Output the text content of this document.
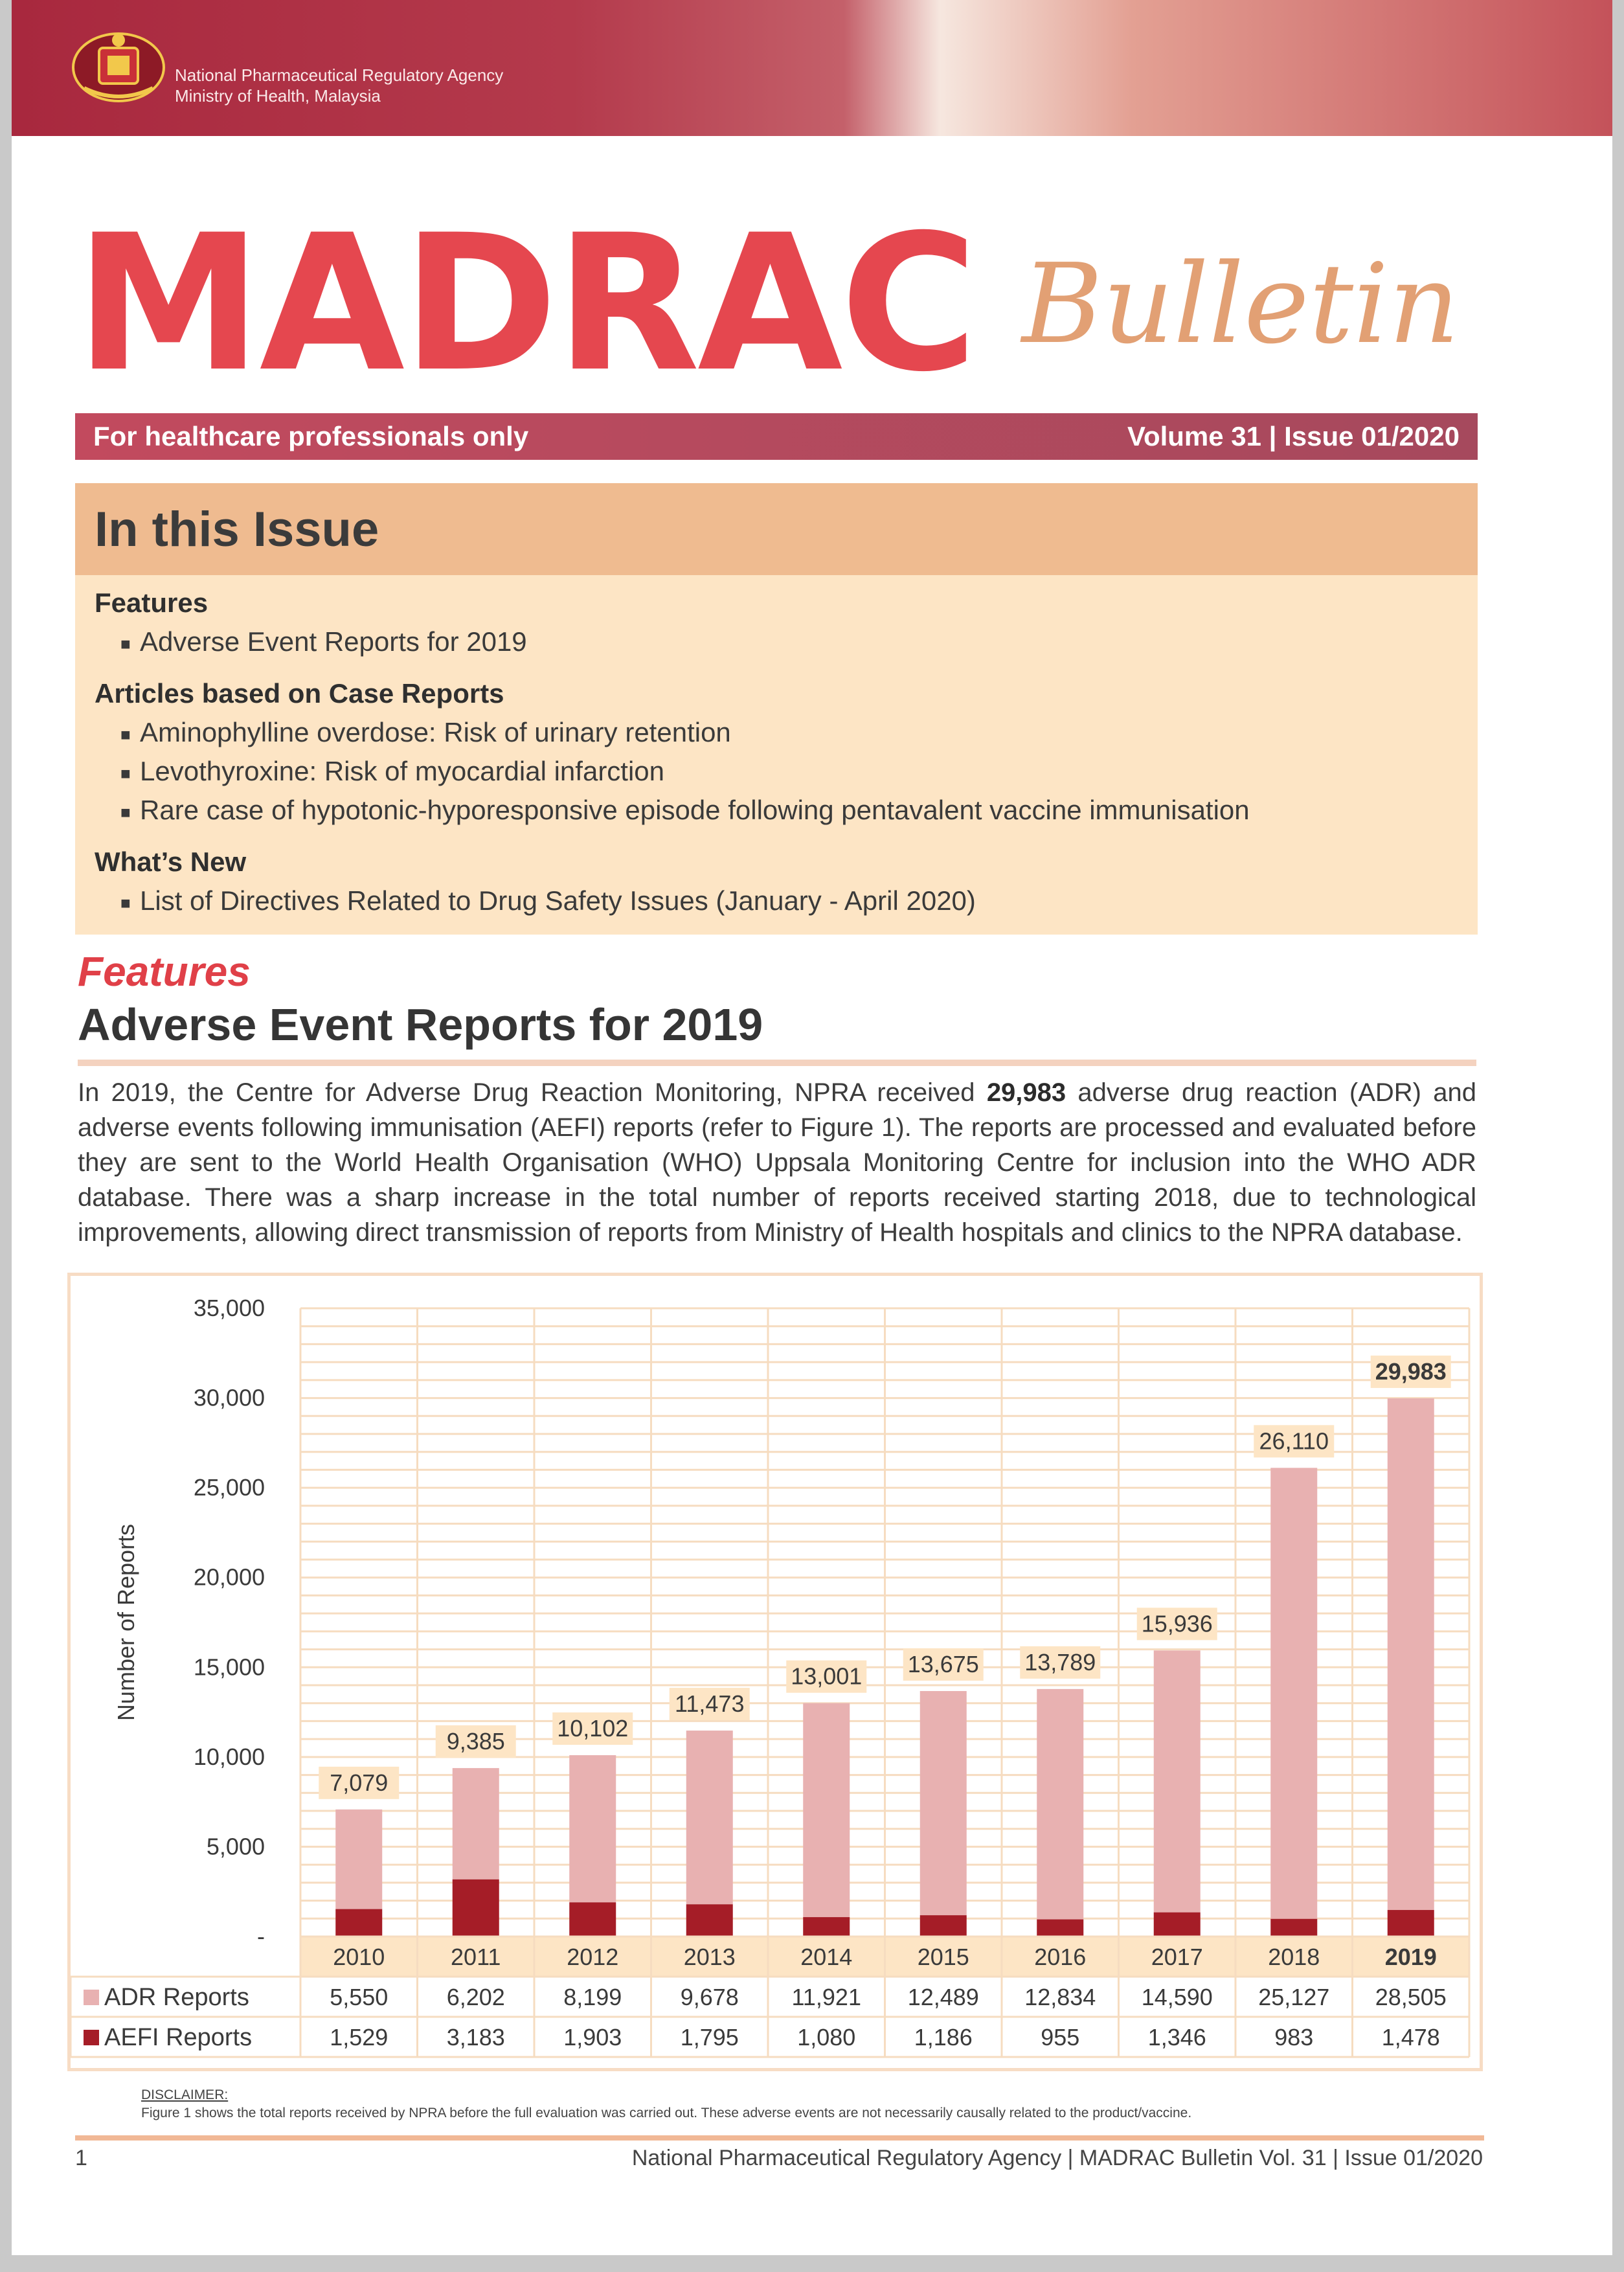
National Pharmaceutical Regulatory Agency
Ministry of Health, Malaysia
MADRAC Bulletin
For healthcare professionals only	Volume 31 | Issue 01/2020
In this Issue
Features
■ Adverse Event Reports for 2019
Articles based on Case Reports
■ Aminophylline overdose: Risk of urinary retention
■ Levothyroxine: Risk of myocardial infarction
■ Rare case of hypotonic-hyporesponsive episode following pentavalent vaccine immunisation
What’s New
■ List of Directives Related to Drug Safety Issues (January - April 2020)
Features
Adverse Event Reports for 2019
In 2019, the Centre for Adverse Drug Reaction Monitoring, NPRA received 29,983 adverse drug reaction (ADR) and adverse events following immunisation (AEFI) reports (refer to Figure 1). The reports are processed and evaluated before they are sent to the World Health Organisation (WHO) Uppsala Monitoring Centre for inclusion into the WHO ADR database. There was a sharp increase in the total number of reports received starting 2018, due to technological improvements, allowing direct transmission of reports from Ministry of Health hospitals and clinics to the NPRA database.
-
5,000
10,000
15,000
20,000
25,000
30,000
35,000
Number of Reports
7,079
9,385 10,102
11,473
13,001 13,675 13,789
15,936
26,110
29,983
2010
5,550
1,529
2011
6,202
3,183
2012
8,199
1,903
2013
9,678
1,795
2014
11,921
1,080
2015
12,489
1,186
2016
12,834
955
2017
14,590
1,346
2018
25,127
983
2019
28,505
1,478
ADR Reports
AEFI Reports
DISCLAIMER:
Figure 1 shows the total reports received by NPRA before the full evaluation was carried out. These adverse events are not necessarily causally related to the product/vaccine.
1	National Pharmaceutical Regulatory Agency | MADRAC Bulletin Vol. 31 | Issue 01/2020
